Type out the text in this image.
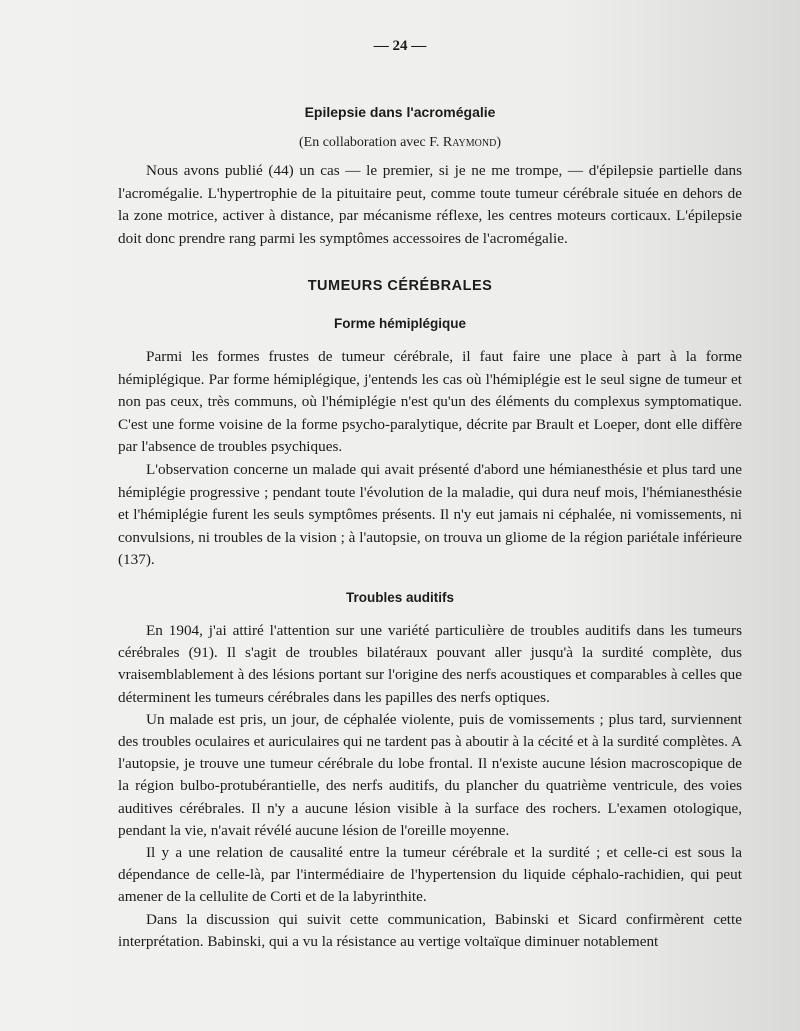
— 24 —
Epilepsie dans l'acromégalie
(En collaboration avec F. Raymond)

Nous avons publié (44) un cas — le premier, si je ne me trompe, — d'épilepsie partielle dans l'acromégalie. L'hypertrophie de la pituitaire peut, comme toute tumeur cérébrale située en dehors de la zone motrice, activer à distance, par mécanisme réflexe, les centres moteurs corticaux. L'épilepsie doit donc prendre rang parmi les symptômes accessoires de l'acromégalie.

TUMEURS CÉRÉBRALES
Forme hémiplégique

Parmi les formes frustes de tumeur cérébrale, il faut faire une place à part à la forme hémiplégique. Par forme hémiplégique, j'entends les cas où l'hémiplégie est le seul signe de tumeur et non pas ceux, très communs, où l'hémiplégie n'est qu'un des éléments du complexus symptomatique. C'est une forme voisine de la forme psycho-paralytique, décrite par Brault et Loeper, dont elle diffère par l'absence de troubles psychiques.

L'observation concerne un malade qui avait présenté d'abord une hémianesthésie et plus tard une hémiplégie progressive ; pendant toute l'évolution de la maladie, qui dura neuf mois, l'hémianesthésie et l'hémiplégie furent les seuls symptômes présents. Il n'y eut jamais ni céphalée, ni vomissements, ni convulsions, ni troubles de la vision ; à l'autopsie, on trouva un gliome de la région pariétale inférieure (137).

Troubles auditifs

En 1904, j'ai attiré l'attention sur une variété particulière de troubles auditifs dans les tumeurs cérébrales (91). Il s'agit de troubles bilatéraux pouvant aller jusqu'à la surdité complète, dus vraisemblablement à des lésions portant sur l'origine des nerfs acoustiques et comparables à celles que déterminent les tumeurs cérébrales dans les papilles des nerfs optiques.

Un malade est pris, un jour, de céphalée violente, puis de vomissements ; plus tard, surviennent des troubles oculaires et auriculaires qui ne tardent pas à aboutir à la cécité et à la surdité complètes. A l'autopsie, je trouve une tumeur cérébrale du lobe frontal. Il n'existe aucune lésion macroscopique de la région bulbo-protubérantielle, des nerfs auditifs, du plancher du quatrième ventricule, des voies auditives cérébrales. Il n'y a aucune lésion visible à la surface des rochers. L'examen otologique, pendant la vie, n'avait révélé aucune lésion de l'oreille moyenne.

Il y a une relation de causalité entre la tumeur cérébrale et la surdité ; et celle-ci est sous la dépendance de celle-là, par l'intermédiaire de l'hypertension du liquide céphalo-rachidien, qui peut amener de la cellulite de Corti et de la labyrinthite.

Dans la discussion qui suivit cette communication, Babinski et Sicard confirmèrent cette interprétation. Babinski, qui a vu la résistance au vertige voltaïque diminuer notablement
